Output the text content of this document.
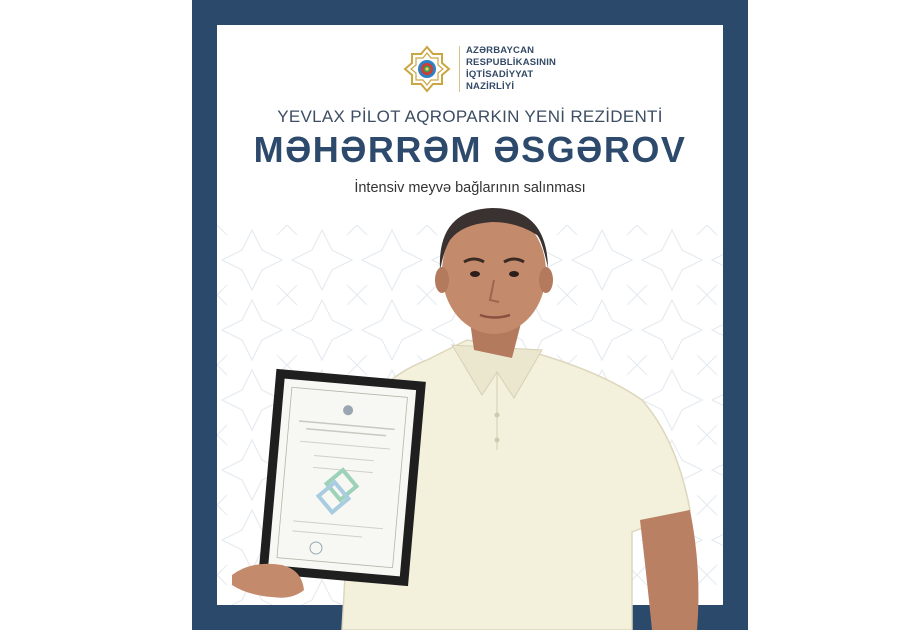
AZƏRBAYCAN
RESPUBLİKASININ
İQTİSADİYYAT
NAZİRLİYİ
YEVLAX PİLOT AQROPARKIN YENİ REZİDENTİ
MƏHƏRRƏM ƏSGƏROV
İntensiv meyvə bağlarının salınması
